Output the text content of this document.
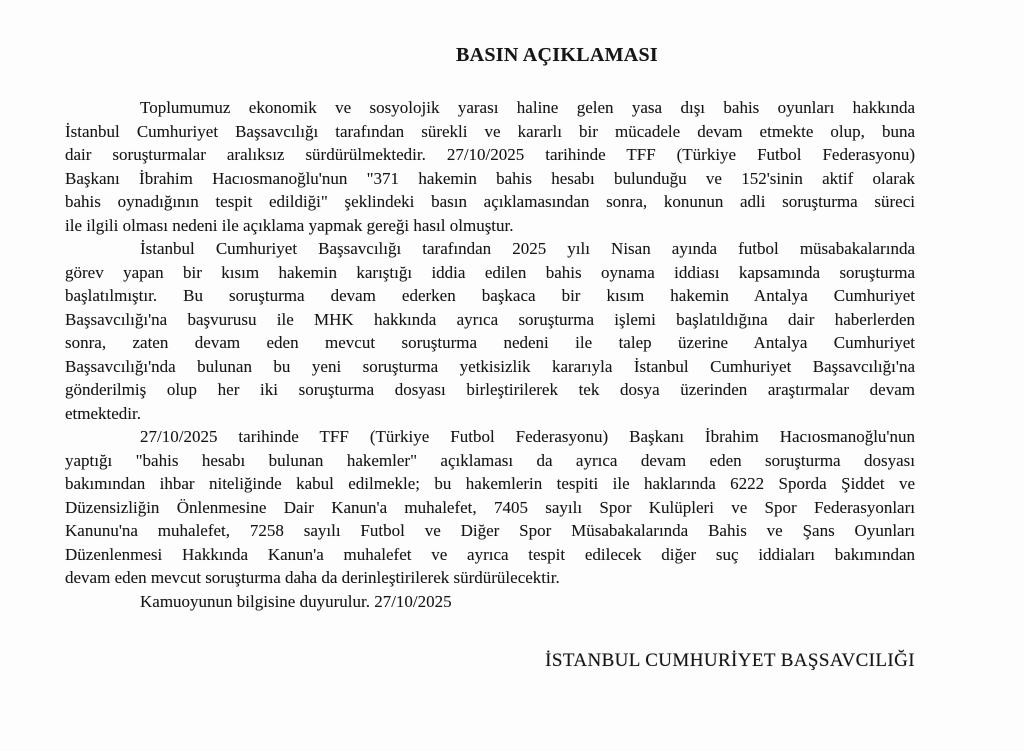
BASIN AÇIKLAMASI
Toplumumuz ekonomik ve sosyolojik yarası haline gelen yasa dışı bahis oyunları hakkında
İstanbul Cumhuriyet Başsavcılığı tarafından sürekli ve kararlı bir mücadele devam etmekte olup, buna
dair soruşturmalar aralıksız sürdürülmektedir. 27/10/2025 tarihinde TFF (Türkiye Futbol Federasyonu)
Başkanı İbrahim Hacıosmanoğlu'nun "371 hakemin bahis hesabı bulunduğu ve 152'sinin aktif olarak
bahis oynadığının tespit edildiği" şeklindeki basın açıklamasından sonra, konunun adli soruşturma süreci
ile ilgili olması nedeni ile açıklama yapmak gereği hasıl olmuştur.
İstanbul Cumhuriyet Başsavcılığı tarafından 2025 yılı Nisan ayında futbol müsabakalarında
görev yapan bir kısım hakemin karıştığı iddia edilen bahis oynama iddiası kapsamında soruşturma
başlatılmıştır. Bu soruşturma devam ederken başkaca bir kısım hakemin Antalya Cumhuriyet
Başsavcılığı'na başvurusu ile MHK hakkında ayrıca soruşturma işlemi başlatıldığına dair haberlerden
sonra, zaten devam eden mevcut soruşturma nedeni ile talep üzerine Antalya Cumhuriyet
Başsavcılığı'nda bulunan bu yeni soruşturma yetkisizlik kararıyla İstanbul Cumhuriyet Başsavcılığı'na
gönderilmiş olup her iki soruşturma dosyası birleştirilerek tek dosya üzerinden araştırmalar devam
etmektedir.
27/10/2025 tarihinde TFF (Türkiye Futbol Federasyonu) Başkanı İbrahim Hacıosmanoğlu'nun
yaptığı "bahis hesabı bulunan hakemler" açıklaması da ayrıca devam eden soruşturma dosyası
bakımından ihbar niteliğinde kabul edilmekle; bu hakemlerin tespiti ile haklarında 6222 Sporda Şiddet ve
Düzensizliğin Önlenmesine Dair Kanun'a muhalefet, 7405 sayılı Spor Kulüpleri ve Spor Federasyonları
Kanunu'na muhalefet, 7258 sayılı Futbol ve Diğer Spor Müsabakalarında Bahis ve Şans Oyunları
Düzenlenmesi Hakkında Kanun'a muhalefet ve ayrıca tespit edilecek diğer suç iddiaları bakımından
devam eden mevcut soruşturma daha da derinleştirilerek sürdürülecektir.
Kamuoyunun bilgisine duyurulur. 27/10/2025
İSTANBUL CUMHURİYET BAŞSAVCILIĞI
